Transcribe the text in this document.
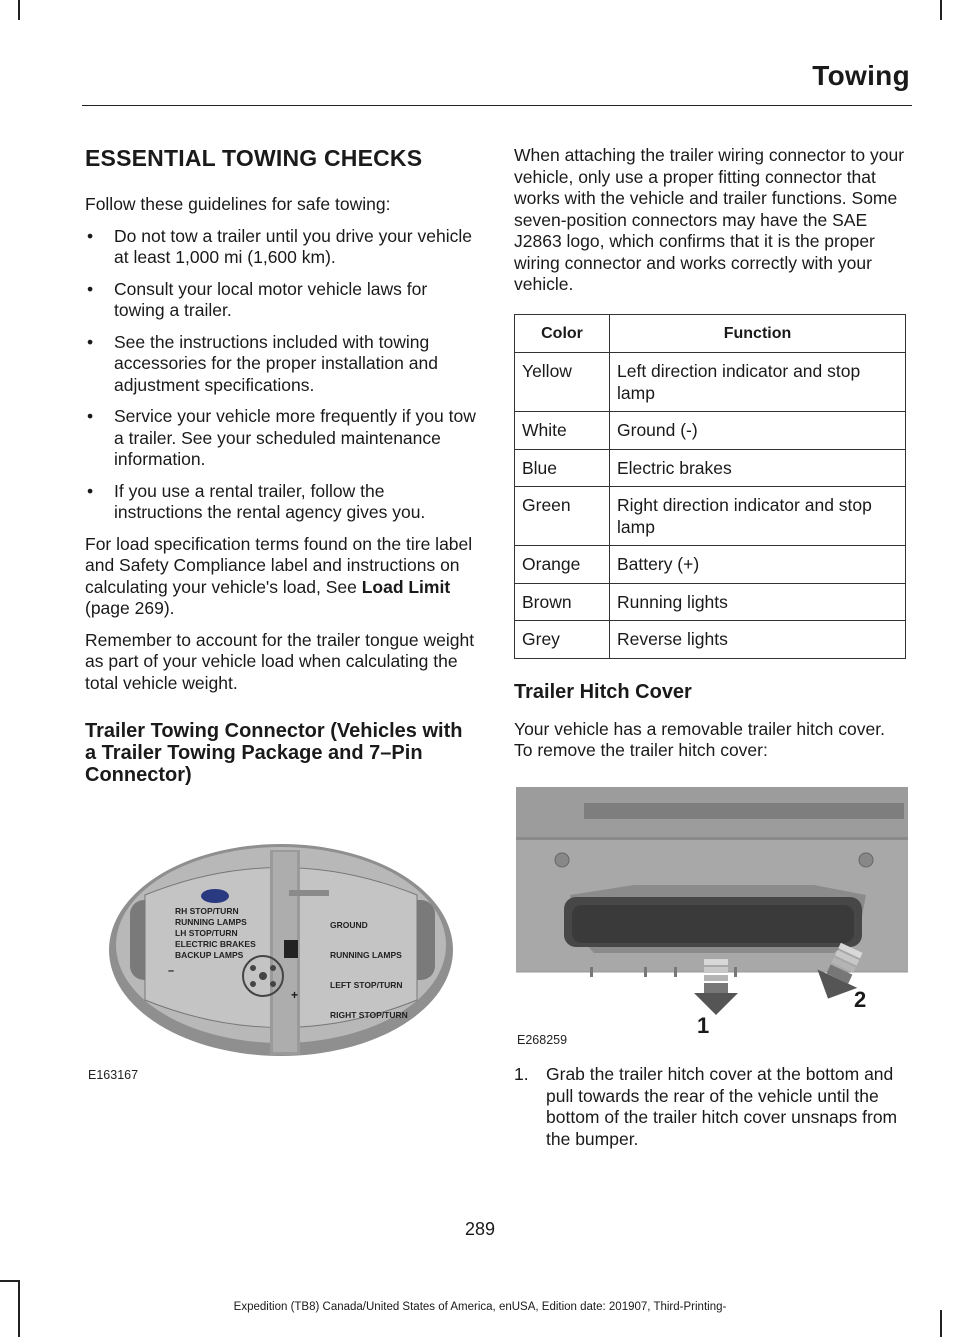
Towing
ESSENTIAL TOWING CHECKS

Follow these guidelines for safe towing:

• Do not tow a trailer until you drive your vehicle at least 1,000 mi (1,600 km).
• Consult your local motor vehicle laws for towing a trailer.
• See the instructions included with towing accessories for the proper installation and adjustment specifications.
• Service your vehicle more frequently if you tow a trailer. See your scheduled maintenance information.
• If you use a rental trailer, follow the instructions the rental agency gives you.

For load specification terms found on the tire label and Safety Compliance label and instructions on calculating your vehicle's load, See Load Limit (page 269).

Remember to account for the trailer tongue weight as part of your vehicle load when calculating the total vehicle weight.

Trailer Towing Connector (Vehicles with a Trailer Towing Package and 7–Pin Connector)
RH STOP/TURN
RUNNING LAMPS
LH STOP/TURN
ELECTRIC BRAKES
BACKUP LAMPS
GROUND
RUNNING LAMPS
LEFT STOP/TURN
RIGHT STOP/TURN
–
+
E163167

When attaching the trailer wiring connector to your vehicle, only use a proper fitting connector that works with the vehicle and trailer functions. Some seven-position connectors may have the SAE J2863 logo, which confirms that it is the proper wiring connector and works correctly with your vehicle.

Color	Function
Yellow	Left direction indicator and stop lamp
White	Ground (-)
Blue	Electric brakes
Green	Right direction indicator and stop lamp
Orange	Battery (+)
Brown	Running lights
Grey	Reverse lights
Trailer Hitch Cover

Your vehicle has a removable trailer hitch cover. To remove the trailer hitch cover:

1
2
E268259
1. Grab the trailer hitch cover at the bottom and pull towards the rear of the vehicle until the bottom of the trailer hitch cover unsnaps from the bumper.

289
Expedition (TB8) Canada/United States of America, enUSA, Edition date: 201907, Third-Printing-
